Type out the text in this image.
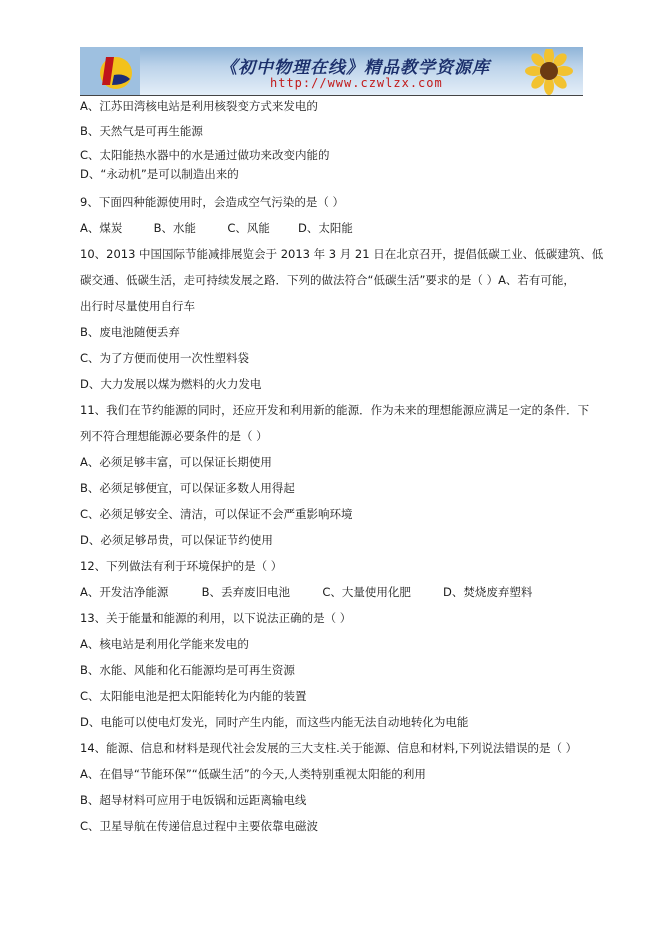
《初中物理在线》精品教学资源库
http://www.czwlzx.com
A、江苏田湾核电站是利用核裂变方式来发电的
B、天然气是可再生能源
C、太阳能热水器中的水是通过做功来改变内能的
D、“永动机”是可以制造出来的
9、下面四种能源使用时，会造成空气污染的是（ ）
A、煤炭	B、水能	C、风能 D、太阳能
10、2013 中国国际节能减排展览会于 2013 年 3 月 21 日在北京召开，提倡低碳工业、低碳建筑、低
碳交通、低碳生活，走可持续发展之路．下列的做法符合“低碳生活”要求的是（ ）A、若有可能，
出行时尽量使用自行车
B、废电池随便丢弃
C、为了方便而使用一次性塑料袋
D、大力发展以煤为燃料的火力发电
11、我们在节约能源的同时，还应开发和利用新的能源．作为未来的理想能源应满足一定的条件．下
列不符合理想能源必要条件的是（ ）
A、必须足够丰富，可以保证长期使用
B、必须足够便宜，可以保证多数人用得起
C、必须足够安全、清洁，可以保证不会严重影响环境
D、必须足够昂贵，可以保证节约使用
12、下列做法有利于环境保护的是（ ）
A、开发洁净能源	B、丢弃废旧电池	C、大量使用化肥	D、焚烧废弃塑料
13、关于能量和能源的利用，以下说法正确的是（ ）
A、核电站是利用化学能来发电的
B、水能、风能和化石能源均是可再生资源
C、太阳能电池是把太阳能转化为内能的装置
D、电能可以使电灯发光，同时产生内能，而这些内能无法自动地转化为电能
14、能源、信息和材料是现代社会发展的三大支柱.关于能源、信息和材料,下列说法错误的是（ ）
A、在倡导“节能环保”“低碳生活”的今天,人类特别重视太阳能的利用
B、超导材料可应用于电饭锅和远距离输电线
C、卫星导航在传递信息过程中主要依靠电磁波
